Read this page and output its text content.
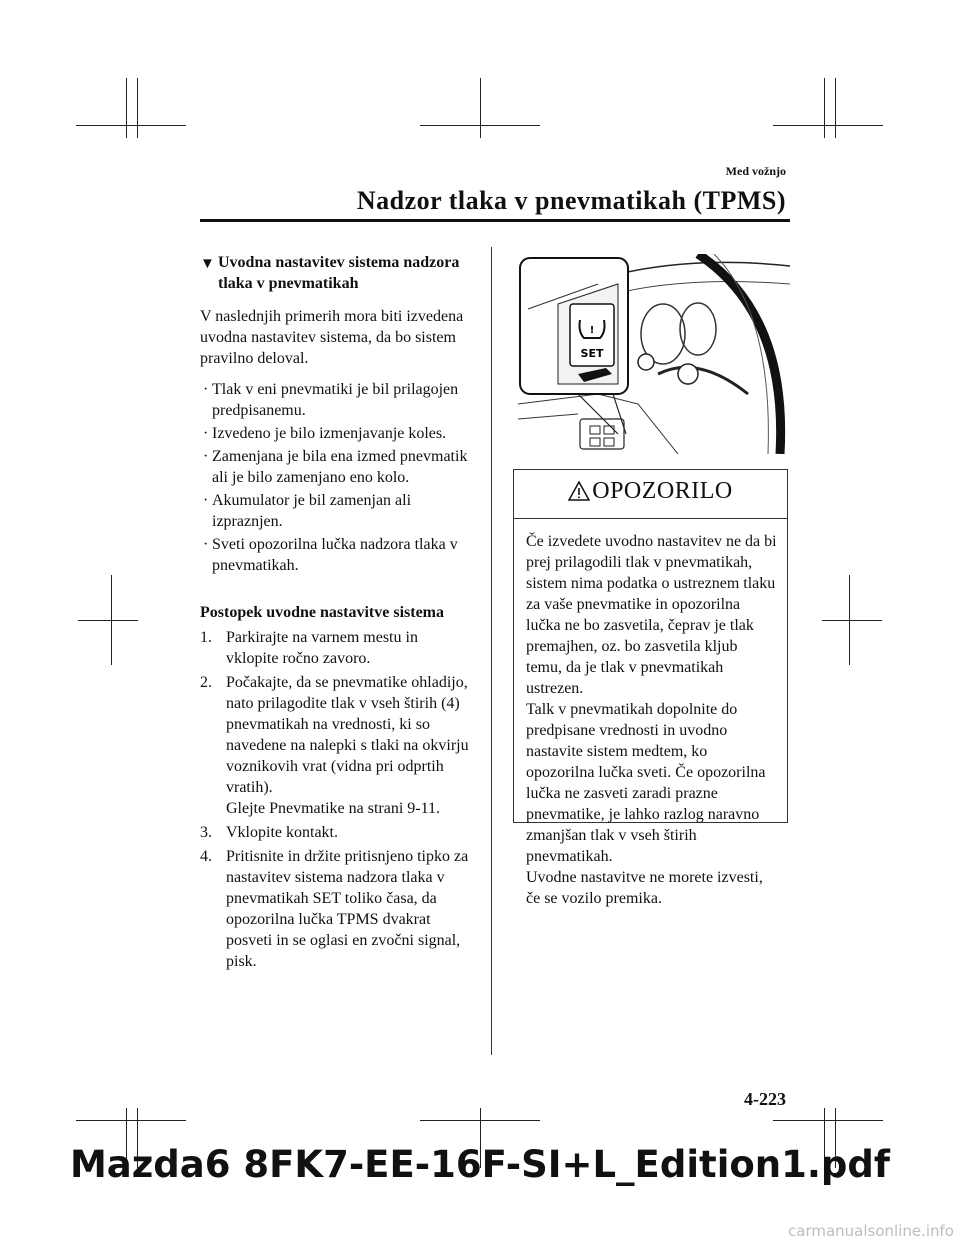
Med vožnjo
Nadzor tlaka v pnevmatikah (TPMS)
▼ Uvodna nastavitev sistema nadzora
tlaka v pnevmatikah
V naslednjih primerih mora biti izvedena uvodna nastavitev sistema, da bo sistem pravilno deloval.
· Tlak v eni pnevmatiki je bil prilagojen predpisanemu.
· Izvedeno je bilo izmenjavanje koles.
· Zamenjana je bila ena izmed pnevmatik ali je bilo zamenjano eno kolo.
· Akumulator je bil zamenjan ali izpraznjen.
· Sveti opozorilna lučka nadzora tlaka v pnevmatikah.
Postopek uvodne nastavitve sistema
1. Parkirajte na varnem mestu in vklopite ročno zavoro.
2. Počakajte, da se pnevmatike ohladijo, nato prilagodite tlak v vseh štirih (4) pnevmatikah na vrednosti, ki so navedene na nalepki s tlaki na okvirju voznikovih vrat (vidna pri odprtih vratih).
Glejte Pnevmatike na strani 9-11.
3. Vklopite kontakt.
4. Pritisnite in držite pritisnjeno tipko za nastavitev sistema nadzora tlaka v pnevmatikah SET toliko časa, da opozorilna lučka TPMS dvakrat posveti in se oglasi en zvočni signal, pisk.
!
SET
OPOZORILO
Če izvedete uvodno nastavitev ne da bi prej prilagodili tlak v pnevmatikah, sistem nima podatka o ustreznem tlaku za vaše pnevmatike in opozorilna lučka ne bo zasvetila, čeprav je tlak premajhen, oz. bo zasvetila kljub temu, da je tlak v pnevmatikah ustrezen.
Talk v pnevmatikah dopolnite do predpisane vrednosti in uvodno nastavite sistem medtem, ko opozorilna lučka sveti. Če opozorilna lučka ne zasveti zaradi prazne pnevmatike, je lahko razlog naravno zmanjšan tlak v vseh štirih pnevmatikah.
Uvodne nastavitve ne morete izvesti, če se vozilo premika.
4-223
Mazda6 8FK7-EE-16F-SI+L_Edition1.pdf
carmanualsonline.info
